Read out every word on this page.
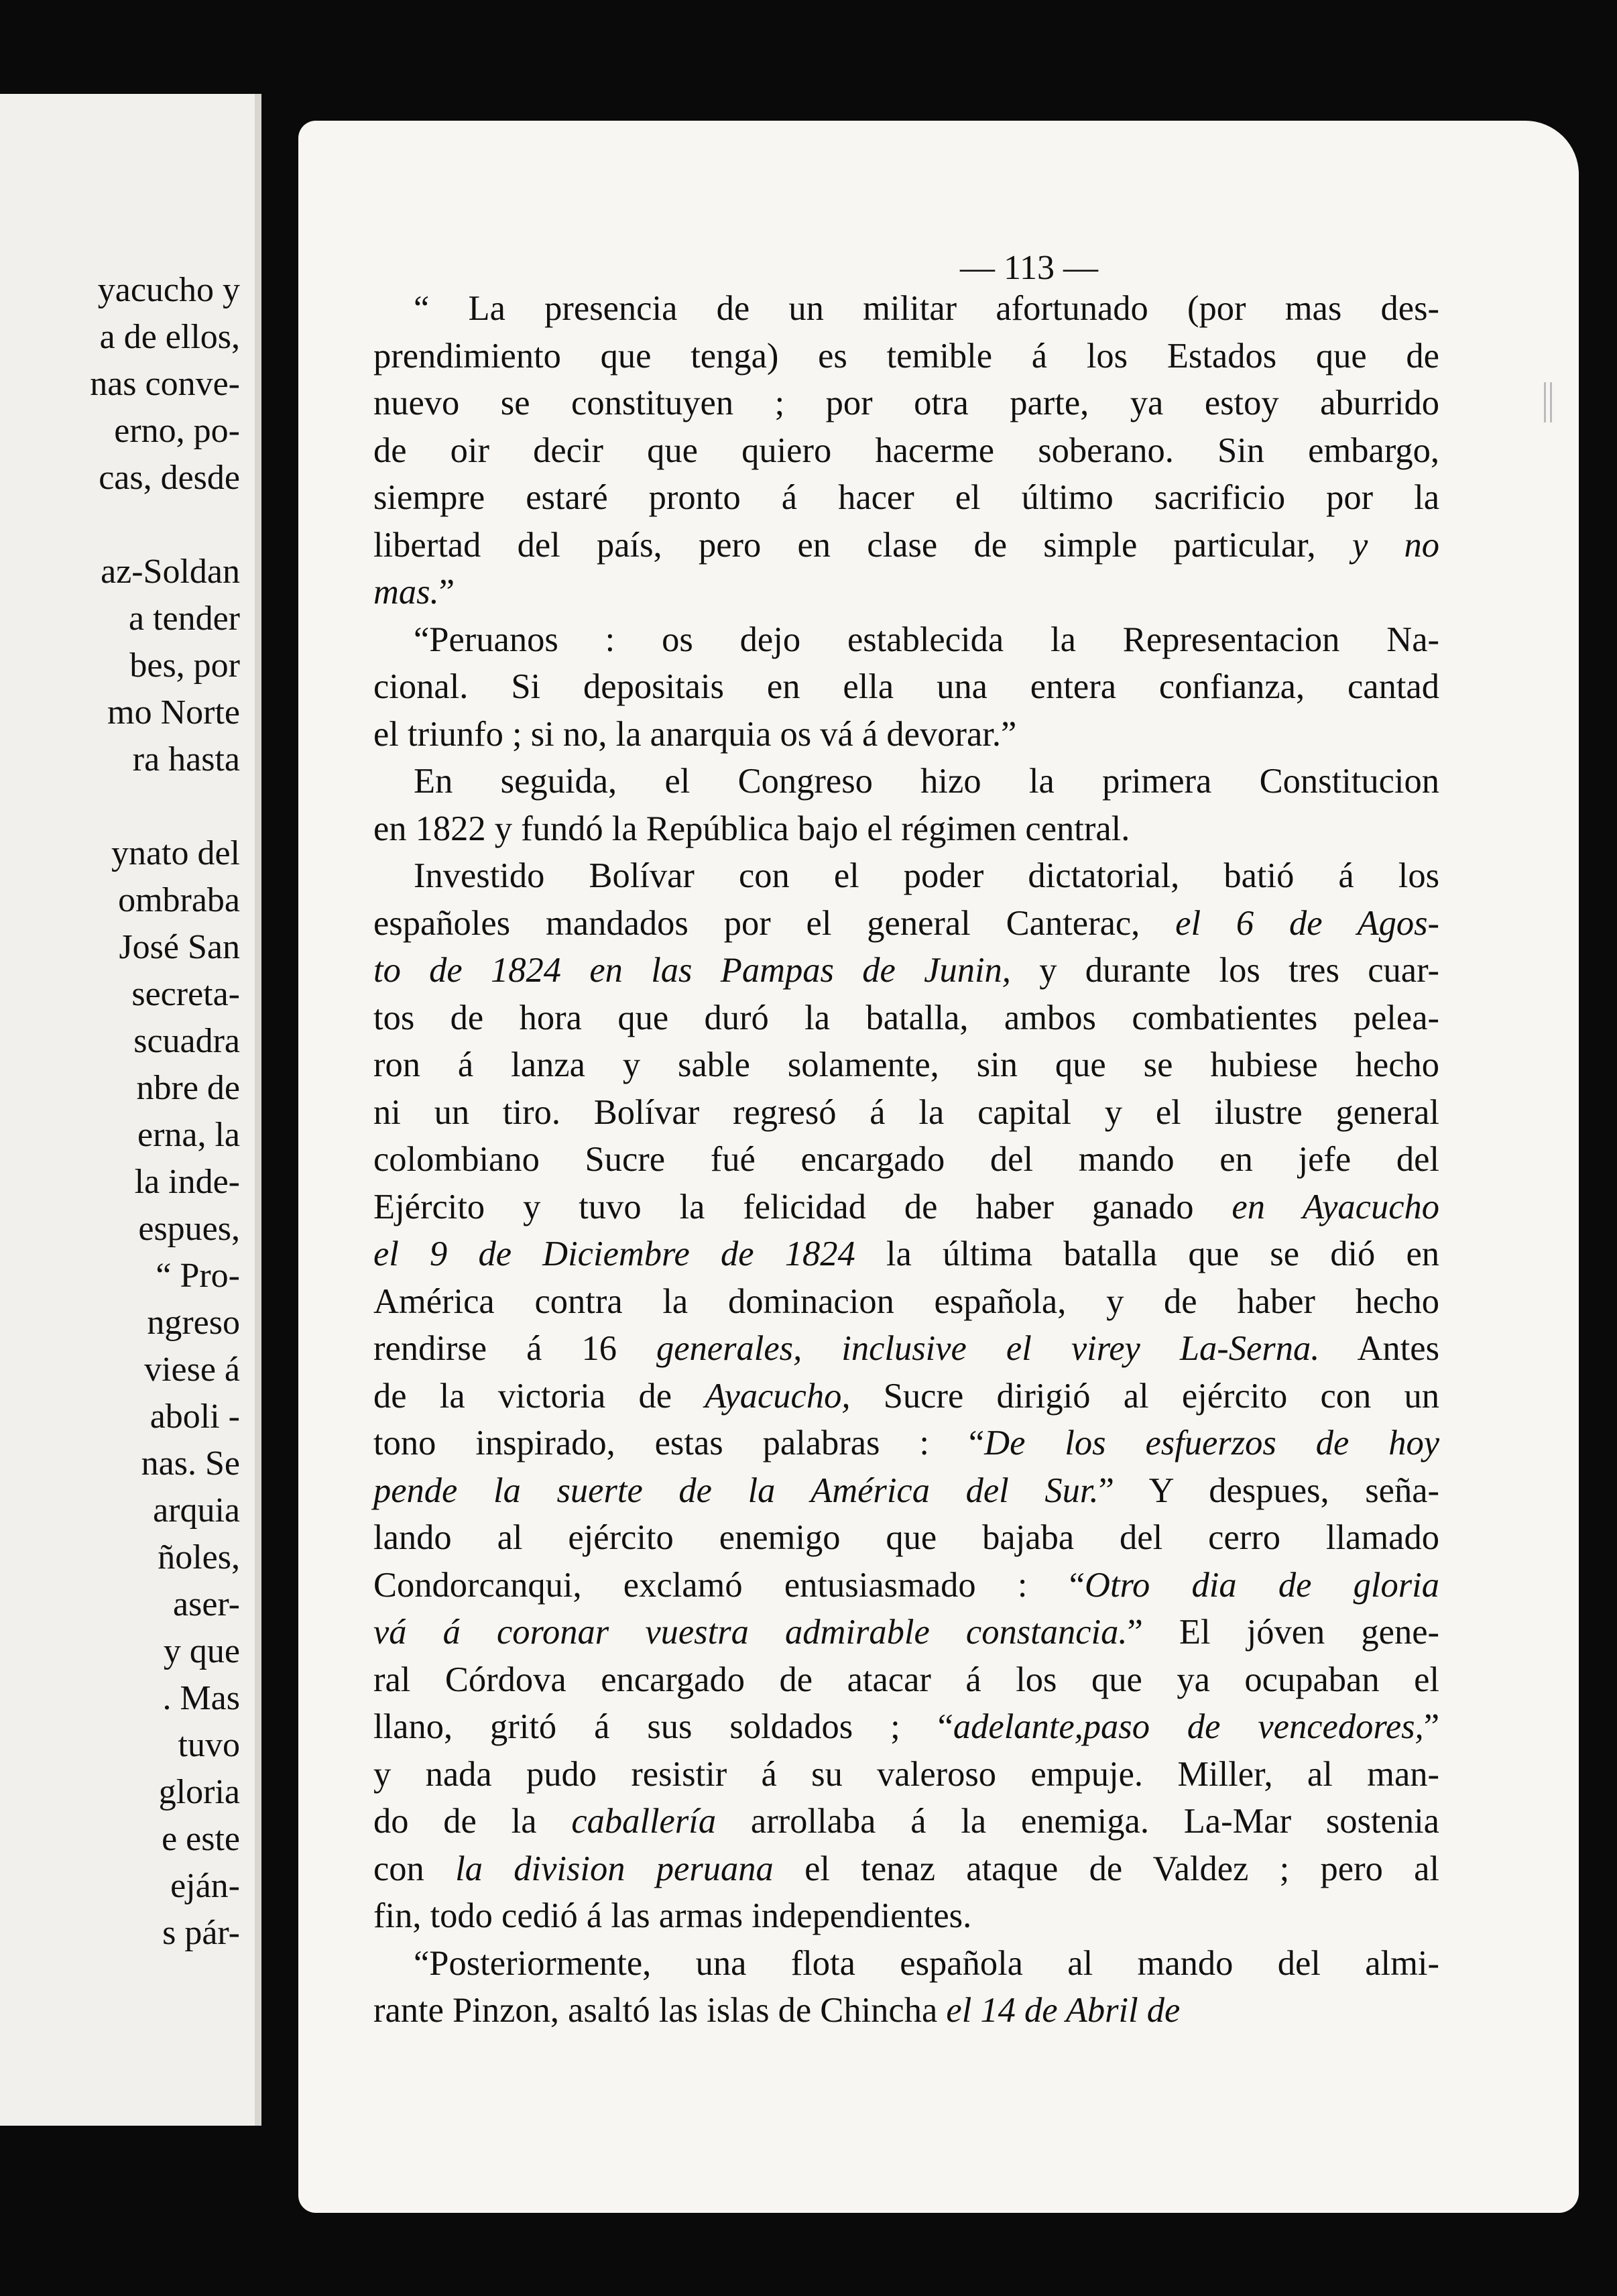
yacucho y
a de ellos,
nas conve-
erno, po-
cas, desde

az-Soldan
a tender
bes, por
mo Norte
ra hasta

ynato del
ombraba
José San
secreta-
scuadra
nbre de
erna, la
la inde-
espues,
“ Pro-
ngreso
viese á
aboli -
nas. Se
arquia
ñoles,
aser-
y que
. Mas
tuvo
gloria
e este
eján-
s pár-
— 113 —
“ La presencia de un militar afortunado (por mas des-
prendimiento que tenga) es temible á los Estados que de
nuevo se constituyen ; por otra parte, ya estoy aburrido
de oir decir que quiero hacerme soberano. Sin embargo,
siempre estaré pronto á hacer el último sacrificio por la
libertad del país, pero en clase de simple particular, y no
mas.”
“Peruanos : os dejo establecida la Representacion Na-
cional. Si depositais en ella una entera confianza, cantad
el triunfo ; si no, la anarquia os vá á devorar.”
En seguida, el Congreso hizo la primera Constitucion
en 1822 y fundó la República bajo el régimen central.
Investido Bolívar con el poder dictatorial, batió á los
españoles mandados por el general Canterac, el 6 de Agos-
to de 1824 en las Pampas de Junin, y durante los tres cuar-
tos de hora que duró la batalla, ambos combatientes pelea-
ron á lanza y sable solamente, sin que se hubiese hecho
ni un tiro. Bolívar regresó á la capital y el ilustre general
colombiano Sucre fué encargado del mando en jefe del
Ejército y tuvo la felicidad de haber ganado en Ayacucho
el 9 de Diciembre de 1824 la última batalla que se dió en
América contra la dominacion española, y de haber hecho
rendirse á 16 generales, inclusive el virey La-Serna. Antes
de la victoria de Ayacucho, Sucre dirigió al ejército con un
tono inspirado, estas palabras : “De los esfuerzos de hoy
pende la suerte de la América del Sur.” Y despues, seña-
lando al ejército enemigo que bajaba del cerro llamado
Condorcanqui, exclamó entusiasmado : “Otro dia de gloria
vá á coronar vuestra admirable constancia.” El jóven gene-
ral Córdova encargado de atacar á los que ya ocupaban el
llano, gritó á sus soldados ; “adelante,paso de vencedores,”
y nada pudo resistir á su valeroso empuje. Miller, al man-
do de la caballería arrollaba á la enemiga. La-Mar sostenia
con la division peruana el tenaz ataque de Valdez ; pero al
fin, todo cedió á las armas independientes.
“Posteriormente, una flota española al mando del almi-
rante Pinzon, asaltó las islas de Chincha el 14 de Abril de
